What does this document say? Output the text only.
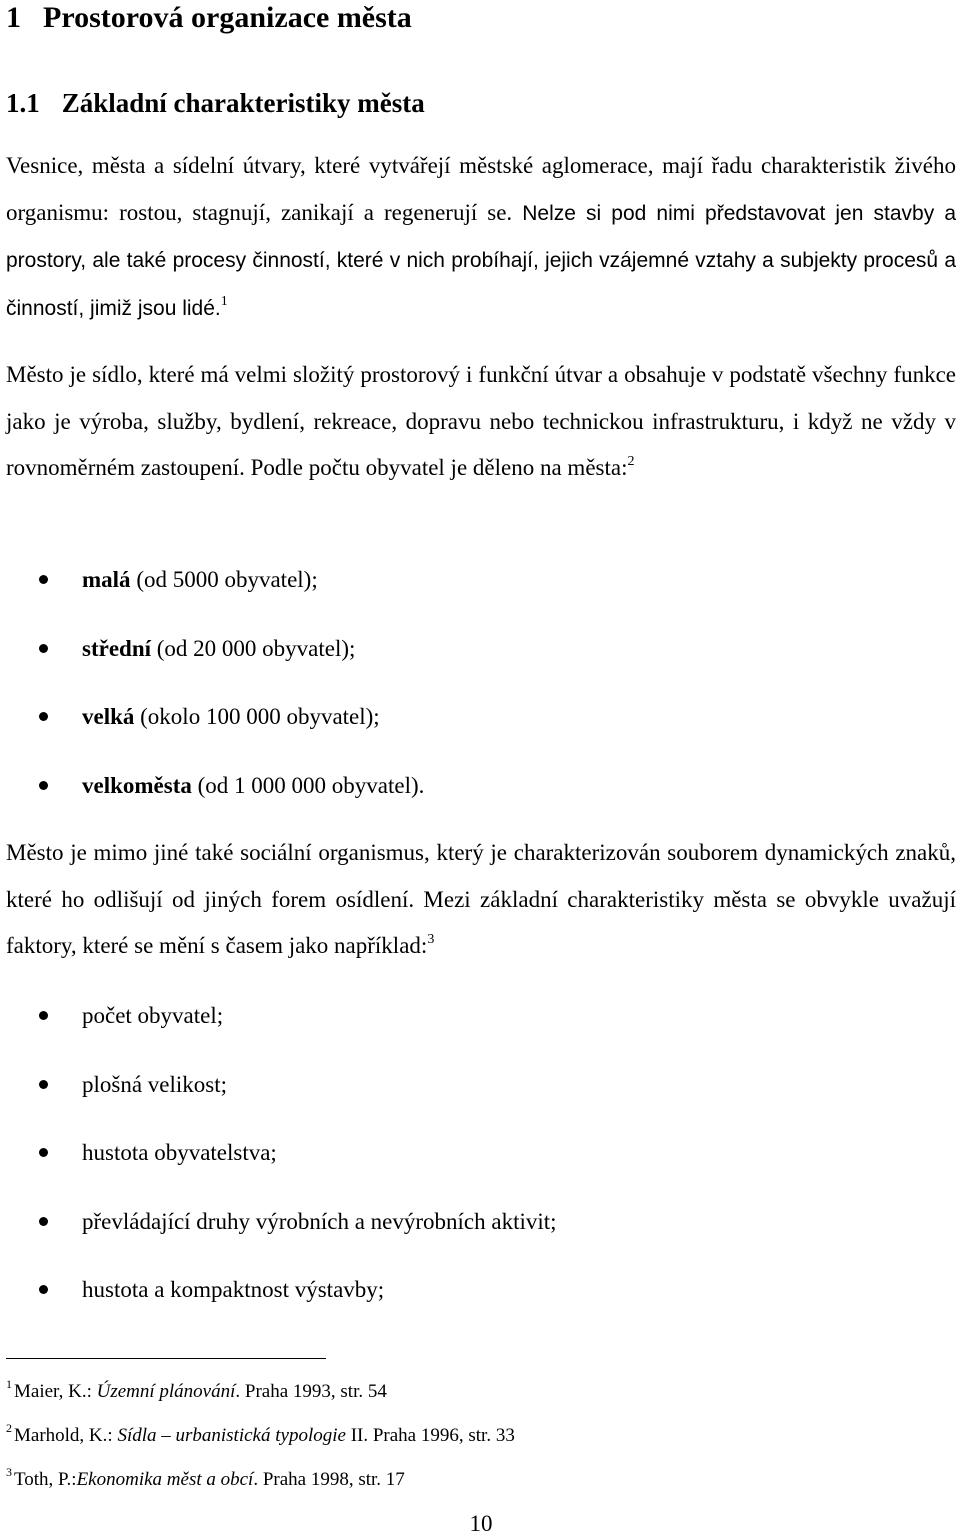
1 Prostorová organizace města
1.1 Základní charakteristiky města

Vesnice, města a sídelní útvary, které vytvářejí městské aglomerace, mají řadu charakteristik živého organismu: rostou, stagnují, zanikají a regenerují se. Nelze si pod nimi představovat jen stavby a prostory, ale také procesy činností, které v nich probíhají, jejich vzájemné vztahy a subjekty procesů a činností, jimiž jsou lidé.$^1$

Město je sídlo, které má velmi složitý prostorový i funkční útvar a obsahuje v podstatě všechny funkce jako je výroba, služby, bydlení, rekreace, dopravu nebo technickou infrastrukturu, i když ne vždy v rovnoměrném zastoupení. Podle počtu obyvatel je děleno na města:$^2$

malá (od 5000 obyvatel);
střední (od 20 000 obyvatel);
velká (okolo 100 000 obyvatel);
velkoměsta (od 1 000 000 obyvatel).

Město je mimo jiné také sociální organismus, který je charakterizován souborem dynamických znaků, které ho odlišují od jiných forem osídlení. Mezi základní charakteristiky města se obvykle uvažují faktory, které se mění s časem jako například:$^3$

počet obyvatel;
plošná velikost;
hustota obyvatelstva;
převládající druhy výrobních a nevýrobních aktivit;
hustota a kompaktnost výstavby;
$^1$ Maier, K.: Územní plánování. Praha 1993, str. 54
$^2$ Marhold, K.: Sídla – urbanistická typologie II. Praha 1996, str. 33
$^3$ Toth, P.:Ekonomika měst a obcí. Praha 1998, str. 17
10
